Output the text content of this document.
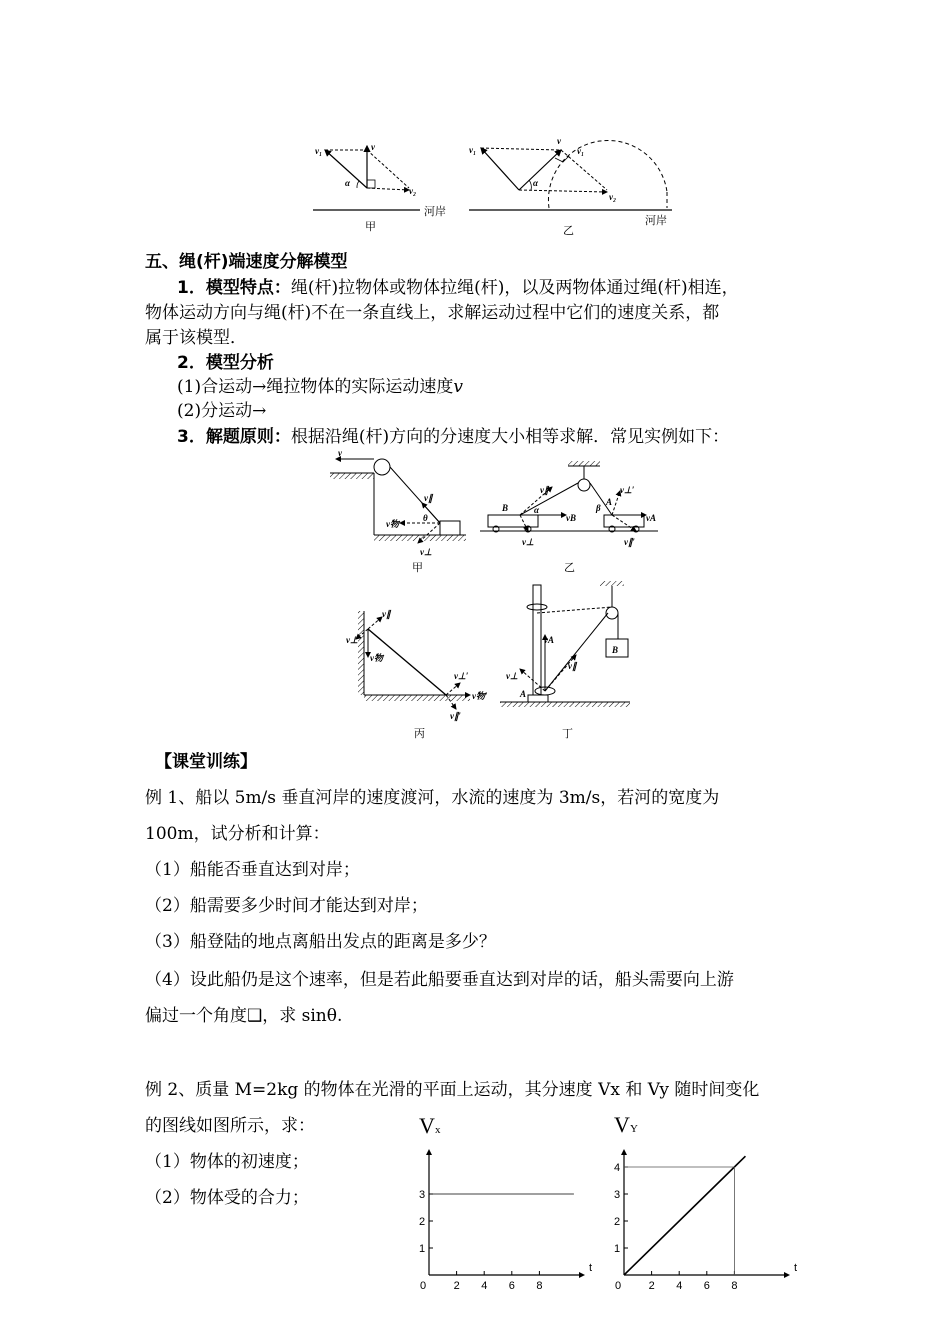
v₁	v
v₂
α
河岸
甲
v₁
v
v₁
v₂
α
河岸
乙
五、绳(杆)端速度分解模型
1．模型特点：绳(杆)拉物体或物体拉绳(杆)，以及两物体通过绳(杆)相连，
物体运动方向与绳(杆)不在一条直线上，求解运动过程中它们的速度关系，都
属于该模型．
2．模型分析
(1)合运动→绳拉物体的实际运动速度v
(2)分运动→
3．解题原则：根据沿绳(杆)方向的分速度大小相等求解．常见实例如下：
v
v∥
v物
v⊥
θ
甲
B
A
α	β
vB	vA
v∥	v⊥′
v⊥	v∥′
乙
v⊥
v∥
v物
v⊥′
v物′
v∥′
丙
B
A
vA
v∥
v⊥
丁
【课堂训练】
例 1、船以 5m/s 垂直河岸的速度渡河，水流的速度为 3m/s，若河的宽度为
100m，试分析和计算：
（1）船能否垂直达到对岸；
（2）船需要多少时间才能达到对岸；
（3）船登陆的地点离船出发点的距离是多少？
（4）设此船仍是这个速率，但是若此船要垂直达到对岸的话，船头需要向上游
偏过一个角度❑，求 sinθ.
例 2、质量 M=2kg 的物体在光滑的平面上运动，其分速度 Vx 和 Vy 随时间变化
的图线如图所示，求：
（1）物体的初速度；
（2）物体受的合力；
V x
0 2 4 6 8
t
1
2
3
V Y
0 2 4 6 8
t
1
2
3
4
